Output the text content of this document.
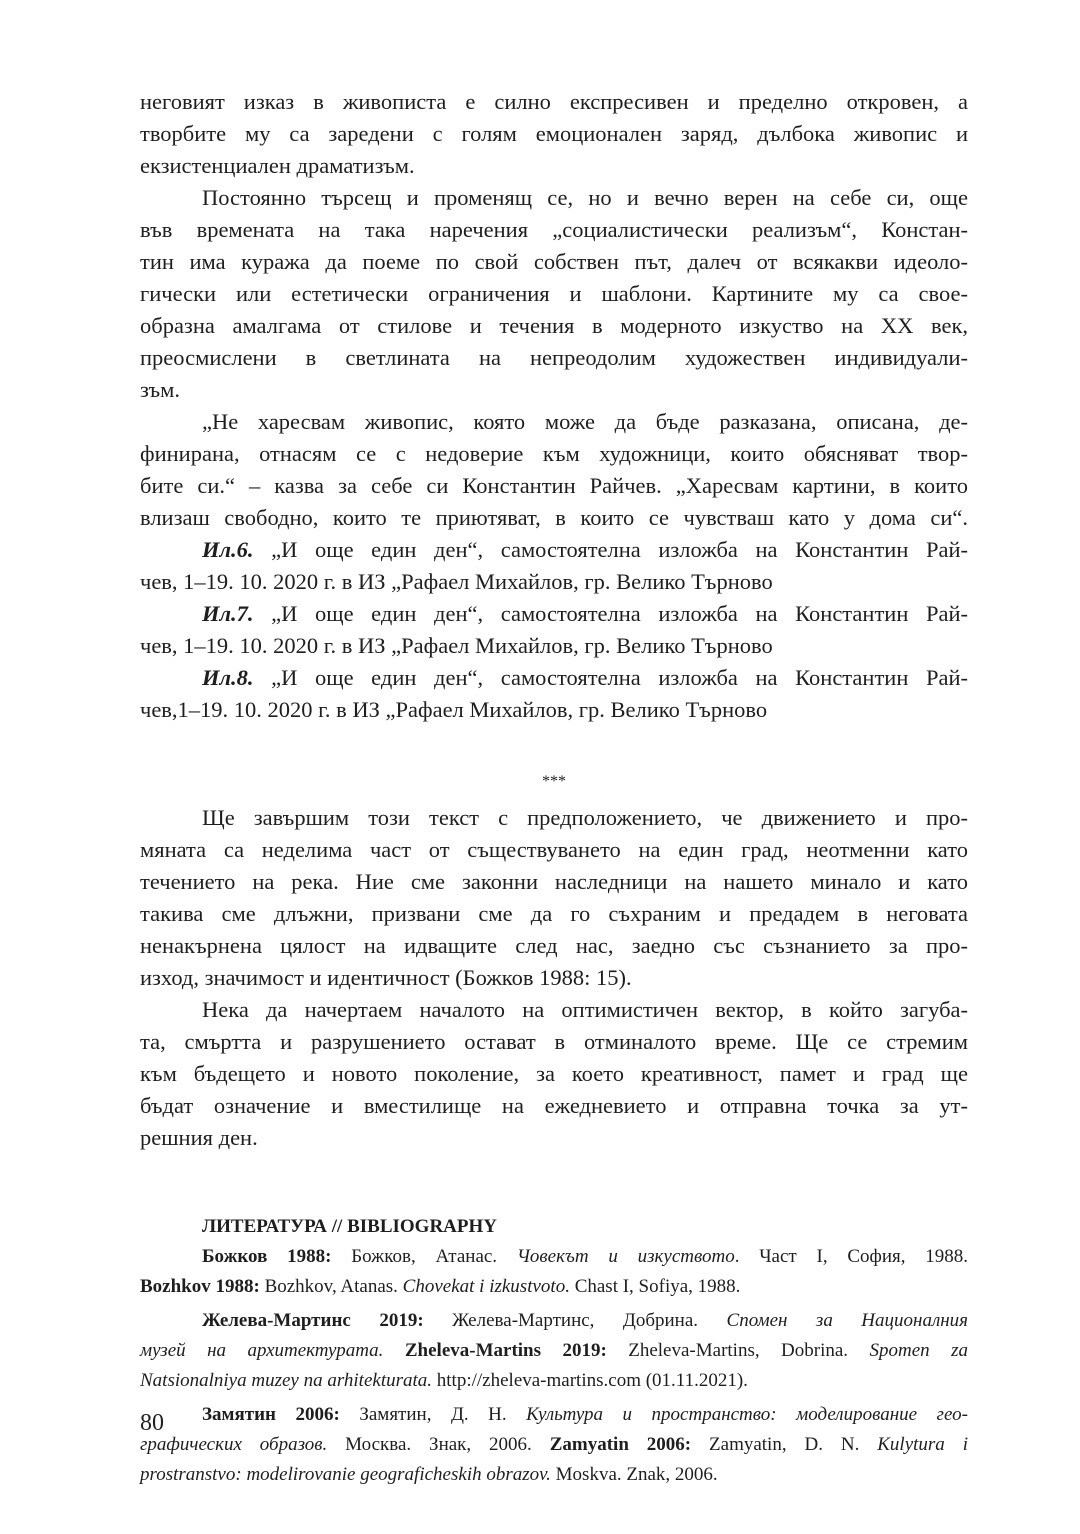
неговият изказ в живописта е силно експресивен и пределно откровен, а
творбите му са заредени с голям емоционален заряд, дълбока живопис и
екзистенциален драматизъм.
Постоянно търсещ и променящ се, но и вечно верен на себе си, още
във времената на така наречения „социалистически реализъм“, Констан-
тин има куража да поеме по свой собствен път, далеч от всякакви идеоло-
гически или естетически ограничения и шаблони. Картините му са свое-
образна амалгама от стилове и течения в модерното изкуство на XX век,
преосмислени в светлината на непреодолим художествен индивидуали-
зъм.
„Не харесвам живопис, която може да бъде разказана, описана, де-
финирана, отнасям се с недоверие към художници, които обясняват твор-
бите си.“ – казва за себе си Константин Райчев. „Харесвам картини, в които
влизаш свободно, които те приютяват, в които се чувстваш като у дома си“.
Ил.6. „И още един ден“, самостоятелна изложба на Константин Рай-
чев, 1–19. 10. 2020 г. в ИЗ „Рафаел Михайлов, гр. Велико Търново
Ил.7. „И още един ден“, самостоятелна изложба на Константин Рай-
чев, 1–19. 10. 2020 г. в ИЗ „Рафаел Михайлов, гр. Велико Търново
Ил.8. „И още един ден“, самостоятелна изложба на Константин Рай-
чев,1–19. 10. 2020 г. в ИЗ „Рафаел Михайлов, гр. Велико Търново
***
Ще завършим този текст с предположението, че движението и про-
мяната са неделима част от съществуването на един град, неотменни като
течението на река. Ние сме законни наследници на нашето минало и като
такива сме длъжни, призвани сме да го съхраним и предадем в неговата
ненакърнена цялост на идващите след нас, заедно със съзнанието за про-
изход, значимост и идентичност (Божков 1988: 15).
Нека да начертаем началото на оптимистичен вектор, в който загуба-
та, смъртта и разрушението остават в отминалото време. Ще се стремим
към бъдещето и новото поколение, за което креативност, памет и град ще
бъдат означение и вместилище на ежедневието и отправна точка за ут-
решния ден.
ЛИТЕРАТУРА // BIBLIOGRAPHY
Божков 1988: Божков, Атанас. Човекът и изкуството. Част I, София, 1988.
Bozhkov 1988: Bozhkov, Atanas. Chovekat i izkustvoto. Chast I, Sofiya, 1988.
Желева-Мартинс 2019: Желева-Мартинс, Добрина. Спомен за Националния
музей на архитектурата. Zheleva-Martins 2019: Zheleva-Martins, Dobrina. Spomen za
Natsionalniya muzey na arhitekturata. http://zheleva-martins.com (01.11.2021).
Замятин 2006: Замятин, Д. Н. Культура и пространство: моделирование гео-
графических образов. Москва. Знак, 2006. Zamyatin 2006: Zamyatin, D. N. Kulytura i
prostranstvo: modelirovanie geograficheskih obrazov. Moskva. Znak, 2006.
80
